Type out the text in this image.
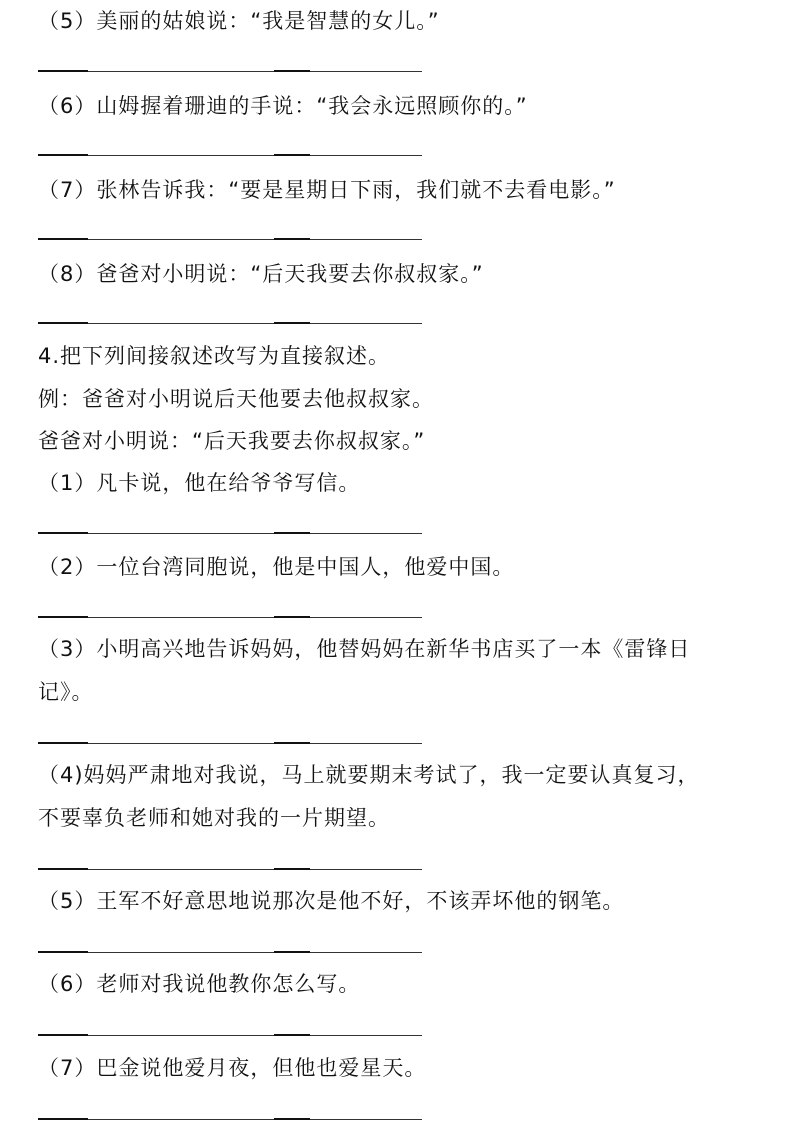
（5）美丽的姑娘说：“我是智慧的女儿。”
（6）山姆握着珊迪的手说：“我会永远照顾你的。”
（7）张林告诉我：“要是星期日下雨，我们就不去看电影。”
（8）爸爸对小明说：“后天我要去你叔叔家。”
4.把下列间接叙述改写为直接叙述。
例：爸爸对小明说后天他要去他叔叔家。
爸爸对小明说：“后天我要去你叔叔家。”
（1）凡卡说，他在给爷爷写信。
（2）一位台湾同胞说，他是中国人，他爱中国。
（3）小明高兴地告诉妈妈，他替妈妈在新华书店买了一本《雷锋日
记》。
（4)妈妈严肃地对我说，马上就要期末考试了，我一定要认真复习，
不要辜负老师和她对我的一片期望。
（5）王军不好意思地说那次是他不好，不该弄坏他的钢笔。
（6）老师对我说他教你怎么写。
（7）巴金说他爱月夜，但他也爱星天。
